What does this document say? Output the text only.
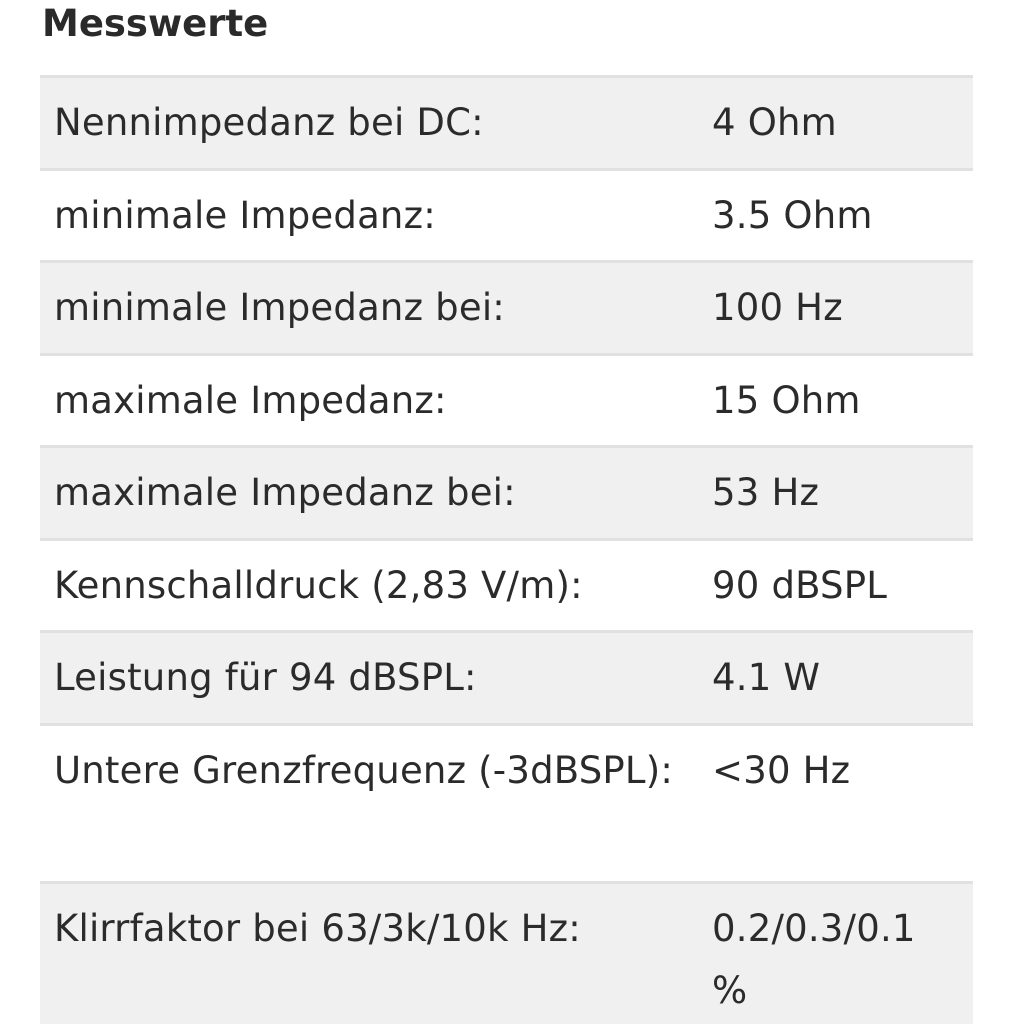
Messwerte
Nennimpedanz bei DC:	4 Ohm
minimale Impedanz:	3.5 Ohm
minimale Impedanz bei:	100 Hz
maximale Impedanz:	15 Ohm
maximale Impedanz bei:	53 Hz
Kennschalldruck (2,83 V/m):	90 dBSPL
Leistung für 94 dBSPL:	4.1 W
Untere Grenzfrequenz (-3dBSPL):	<30 Hz
Klirrfaktor bei 63/3k/10k Hz:	0.2/0.3/0.1 %
